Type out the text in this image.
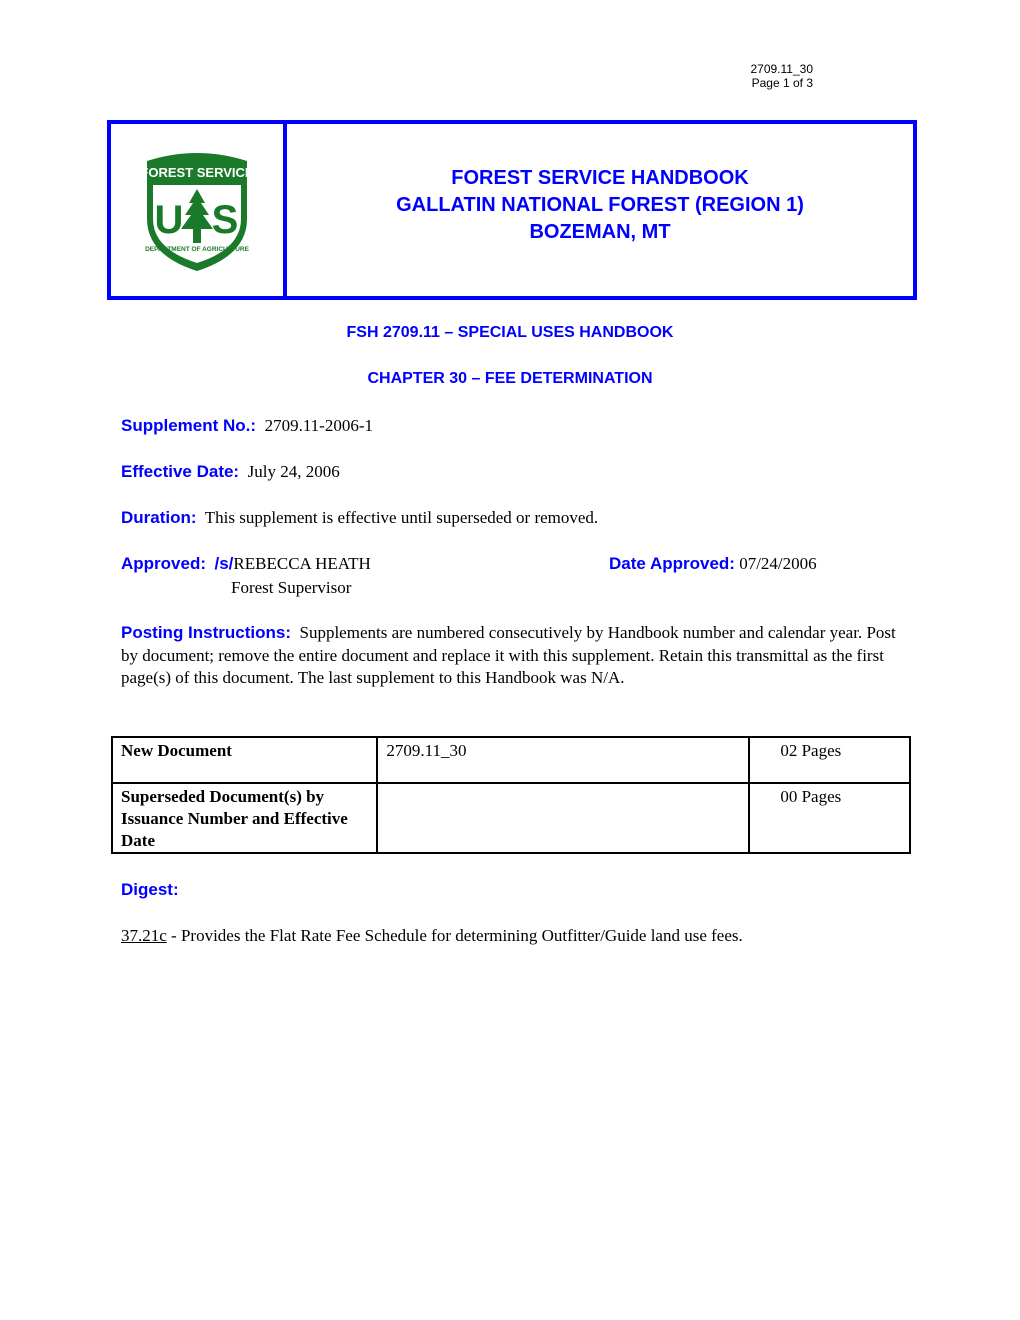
2709.11_30
Page 1 of 3
FOREST SERVICE
U S
DEPARTMENT OF AGRICULTURE
FOREST SERVICE HANDBOOK
GALLATIN NATIONAL FOREST (REGION 1)
BOZEMAN, MT
FSH 2709.11 – SPECIAL USES HANDBOOK
CHAPTER 30 – FEE DETERMINATION
Supplement No.: 2709.11-2006-1
Effective Date: July 24, 2006
Duration: This supplement is effective until superseded or removed.
Approved: /s/REBECCA HEATH
Forest Supervisor
Date Approved: 07/24/2006
Posting Instructions: Supplements are numbered consecutively by Handbook number and calendar year. Post by document; remove the entire document and replace it with this supplement. Retain this transmittal as the first page(s) of this document. The last supplement to this Handbook was N/A.
New Document	2709.11_30	02 Pages
Superseded Document(s) by Issuance Number and Effective Date		00 Pages
Digest:
37.21c - Provides the Flat Rate Fee Schedule for determining Outfitter/Guide land use fees.
